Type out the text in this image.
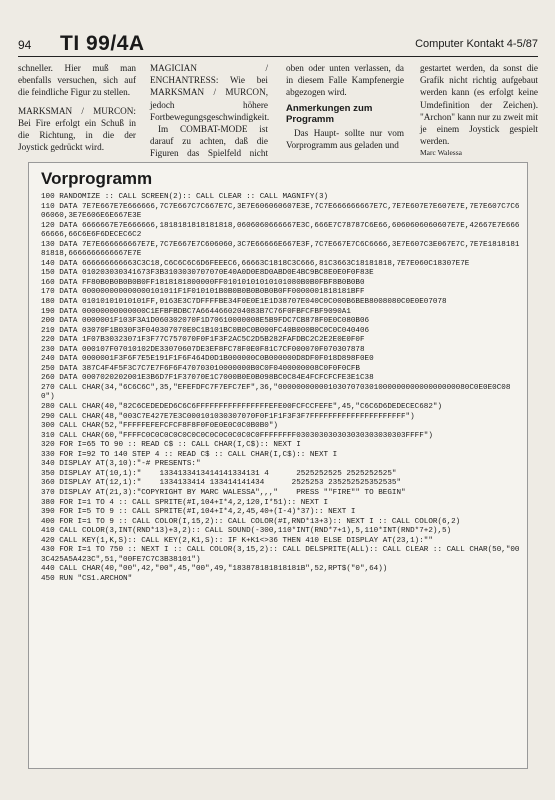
94 TI 99/4A	Computer Kontakt 4-5/87

schneller. Hier muß man ebenfalls versuchen, sich auf die feindliche Figur zu stellen.

MARKSMAN / MURCON: Bei Fire erfolgt ein Schuß in die Richtung, in die der Joystick gedrückt wird.

MAGICIAN / ENCHANTRESS: Wie bei MARKSMAN / MURCON, jedoch höhere Fortbewegungsgeschwindigkeit.

Im COMBAT-MODE ist darauf zu achten, daß die Figuren das Spielfeld nicht

oben oder unten verlassen, da in diesem Falle Kampfenergie abgezogen wird.

Anmerkungen zum Programm

Das Haupt- sollte nur vom Vorprogramm aus geladen und

gestartet werden, da sonst die Grafik nicht richtig aufgebaut werden kann (es erfolgt keine Umdefinition der Zeichen). "Archon" kann nur zu zweit mit je einem Joystick gespielt werden.

Marc Walessa

Vorprogramm
100 RANDOMIZE :: CALL SCREEN(2):: CALL CLEAR :: CALL MAGNIFY(3)
110 DATA 7E7E667E7E666666,7C7E667C7C667E7C,3E7E606060607E3E,7C7E666666667E7C,7E7E607E7E607E7E,7E7E607C7C606060,3E7E606E6E667E3E
120 DATA 6666667E7E666666,1818181818181818,0606060666667E3C,666E7C78787C6E66,6060606060607E7E,42667E7E66666666,66C6E6F6DECEC6C2
130 DATA 7E7E666666667E7E,7C7E667E7C606060,3C7E66666E667E3F,7C7E667E7C6C6666,3E7E607C3E067E7C,7E7E181818181818,6666666666667E7E
140 DATA 666666666663C3C18,C6C6C6C6D6FEEEC6,66663C1818C3C666,81C3663C18181818,7E7E060C18307E7E
150 DATA 010203030341673F3B3103030707070E40A0D0E8D0ABD0E4BC9BC8E0E0F0F83E
160 DATA FF80B0B0B0B0B0FF1818181800000FF01010101010101080B0B0FBF8B0B0B0
170 DATA 000000000000000101011F1F010101B0B0B0B0B0B0B0FF0000001818181BFF
180 DATA 01010101010101FF,0163E3C7DFFFFBE34F0E0E1E1D38707E040C0C000B6BEB8008080C0E0E07078
190 DATA 00000000000000C1EFBFBDBC7A6644660204083B7C76F0FBFCFBF9090A1
200 DATA 0000001F103F3A1D060302070F1D70610000008E5B9FDC7CB878F0E0C080B06
210 DATA 03070F1B030F3F040307070E0C1B101BC0B0C0B000FC40B000B0C0C0C040406
220 DATA 1F07B30323071F3F77C757070F0F1F3F2AC5C2D5B282FAFDBC2C2E2E0E0F0F
230 DATA 000107F07010102DE33070607DE3EF8FC78F0E0F81C7CF000070F070307878
240 DATA 0000001F3F6F7E5E191F1F6F464D0D1B000000C0B000000D8DF0F018D898F0E0
250 DATA 387C4F4F5F3C7C7E7F6F6F470703010000000B0C0F0400000008C0F0F0CFB
260 DATA 0007020202001E3B6D7F1F37070E1C7000B0E0B098BC0C84E4FCFCFCFE3E1C38
270 CALL CHAR(34,"6C6C6C",35,"EFEFDFC7F7EFC7EF",36,"000000000001030707030100000000000000000080C0E0E0C080")
280 CALL CHAR(40,"82C6CEDEDED6C6C6FFFFFFFFFFFFFFFFEFE00FCFCCFEFE",45,"C6C6D6DEDECEC682")
290 CALL CHAR(48,"003C7E427E7E3C000101030307070F0F1F1F3F3F7FFFFFFFFFFFFFFFFFFFFF")
300 CALL CHAR(52,"FFFFFEFEFCFCF8F8F0F0E0E0C0C0B0B0")
310 CALL CHAR(60,"FFFFC0C0C0C0C0C0C0C0C0C0C0C0C0FFFFFFFF030303030303030303030303FFFF")
320 FOR I=65 TO 90 :: READ C$ :: CALL CHAR(I,C$):: NEXT I
330 FOR I=92 TO 140 STEP 4 :: READ C$ :: CALL CHAR(I,C$):: NEXT I
340 DISPLAY AT(3,10):"-# PRESENTS:"
350 DISPLAY AT(10,1):"    1334133413414141334131 4      2525252525 2525252525"
360 DISPLAY AT(12,1):"    1334133414 133414141434      2525253 235252525352535"
370 DISPLAY AT(21,3):"COPYRIGHT BY MARC WALESSA",,,"    PRESS ""FIRE"" TO BEGIN"
380 FOR I=1 TO 4 :: CALL SPRITE(#I,104+I*4,2,120,I*51):: NEXT I
390 FOR I=5 TO 9 :: CALL SPRITE(#I,104+I*4,2,45,40+(I-4)*37):: NEXT I
400 FOR I=1 TO 9 :: CALL COLOR(I,15,2):: CALL COLOR(#I,RND*13+3):: NEXT I :: CALL COLOR(6,2)
410 CALL COLOR(3,INT(RND*13)+3,2):: CALL SOUND(-300,110*INT(RND*7+1),5,110*INT(RND*7+2),5)
420 CALL KEY(1,K,S):: CALL KEY(2,K1,S):: IF K+K1<>36 THEN 410 ELSE DISPLAY AT(23,1):""
430 FOR I=1 TO 750 :: NEXT I :: CALL COLOR(3,15,2):: CALL DELSPRITE(ALL):: CALL CLEAR :: CALL CHAR(50,"003C425A5A423C",51,"00FE7C7C3B38101")
440 CALL CHAR(40,"00",42,"00",45,"00",49,"183878181818181B",52,RPT$("0",64))
450 RUN "CS1.ARCHON"
